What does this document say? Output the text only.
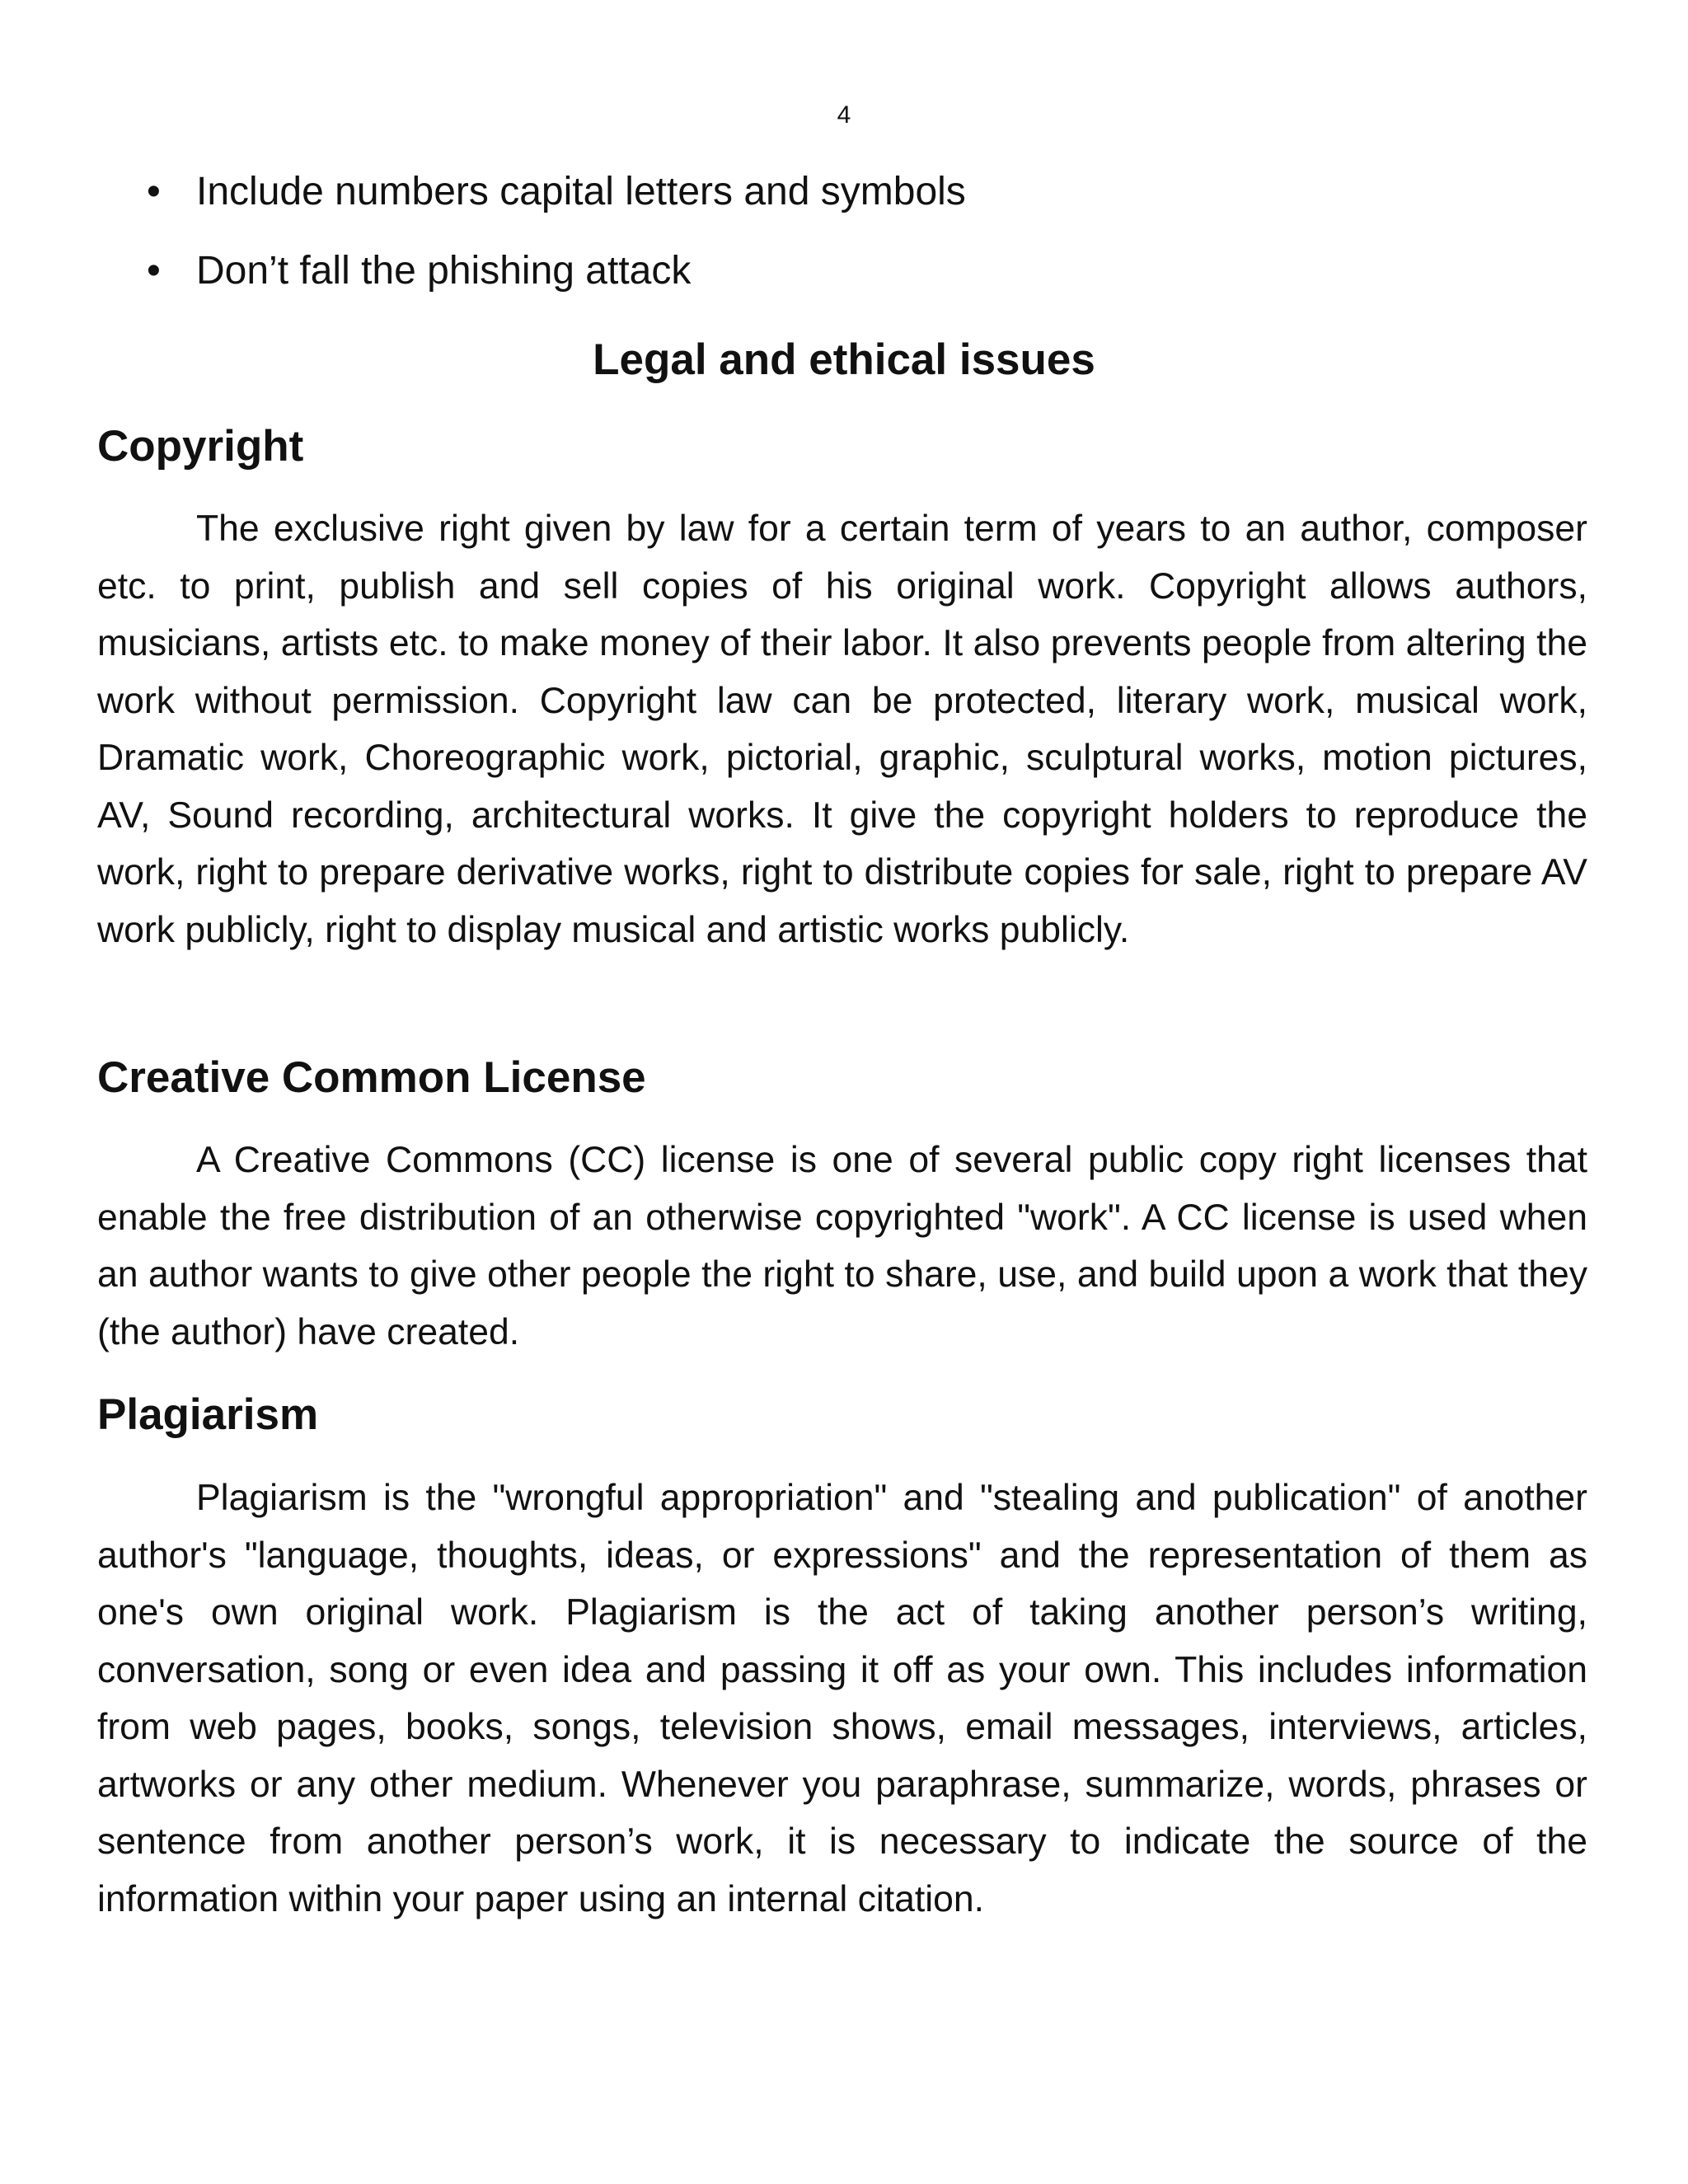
4
• Include numbers capital letters and symbols
• Don’t fall the phishing attack
Legal and ethical issues
Copyright

The exclusive right given by law for a certain term of years to an author, composer etc. to print, publish and sell copies of his original work. Copyright allows authors, musicians, artists etc. to make money of their labor. It also prevents people from altering the work without permission. Copyright law can be protected, literary work, musical work, Dramatic work, Choreographic work, pictorial, graphic, sculptural works, motion pictures, AV, Sound recording, architectural works. It give the copyright holders to reproduce the work, right to prepare derivative works, right to distribute copies for sale, right to prepare AV work publicly, right to display musical and artistic works publicly.

Creative Common License

A Creative Commons (CC) license is one of several public copy right licenses that enable the free distribution of an otherwise copyrighted "work". A CC license is used when an author wants to give other people the right to share, use, and build upon a work that they (the author) have created.

Plagiarism

Plagiarism is the "wrongful appropriation" and "stealing and publication" of another author's "language, thoughts, ideas, or expressions" and the representation of them as one's own original work. Plagiarism is the act of taking another person’s writing, conversation, song or even idea and passing it off as your own. This includes information from web pages, books, songs, television shows, email messages, interviews, articles, artworks or any other medium. Whenever you paraphrase, summarize, words, phrases or sentence from another person’s work, it is necessary to indicate the source of the information within your paper using an internal citation.
